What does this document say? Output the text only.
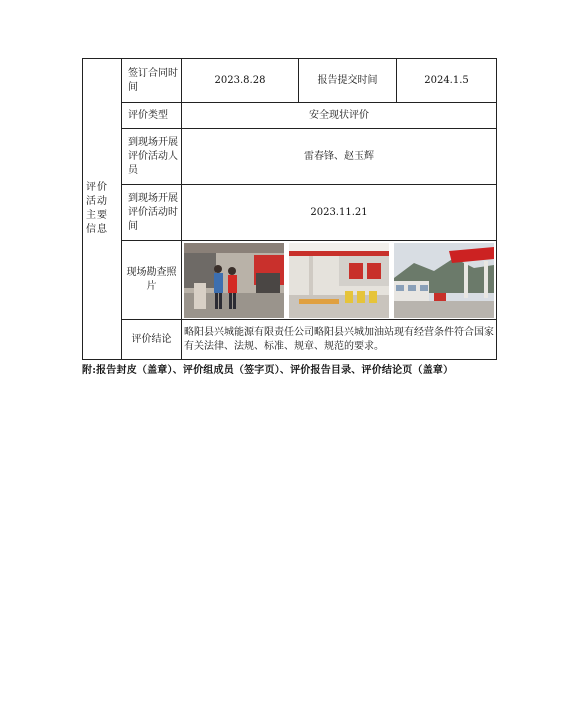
评价活动主要信息	签订合同时间	2023.8.28	报告提交时间	2024.1.5
	评价类型	安全现状评价		
	到现场开展评价活动人员	雷春锋、赵玉辉		
	到现场开展评价活动时间	2023.11.21		
	现场勘查照片	

	评价结论	略阳县兴城能源有限责任公司略阳县兴城加油站现有经营条件符合国家有关法律、法规、标准、规章、规范的要求。		
附:报告封皮（盖章）、评价组成员（签字页）、评价报告目录、评价结论页（盖章）
